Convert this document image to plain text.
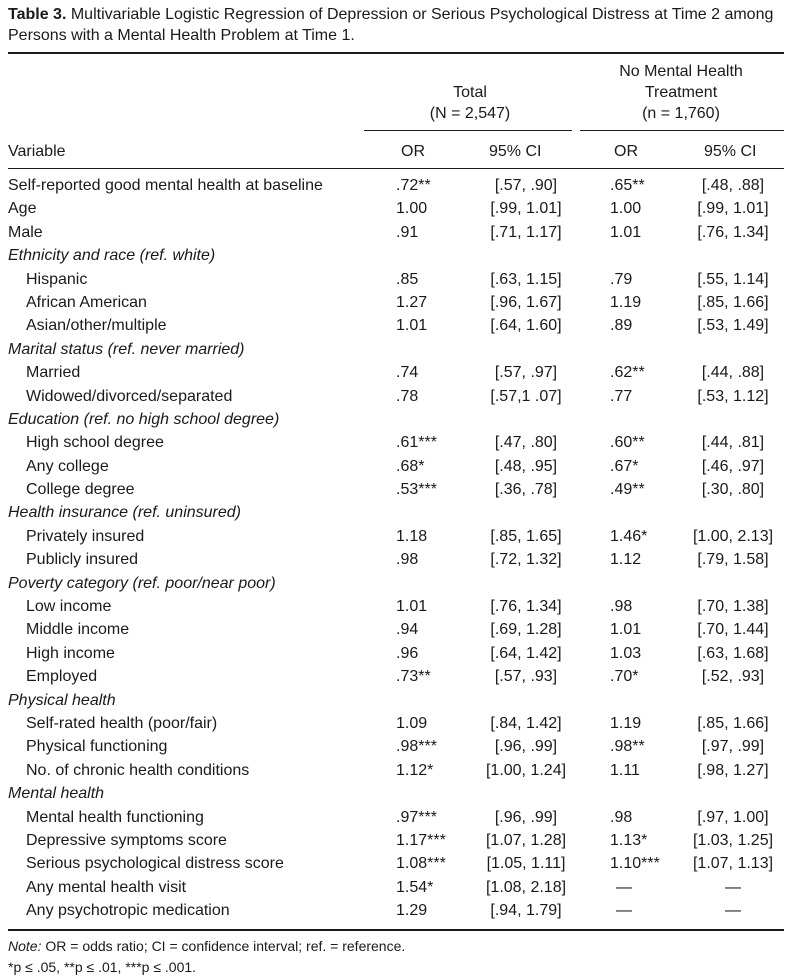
Table 3. Multivariable Logistic Regression of Depression or Serious Psychological Distress at Time 2 among Persons with a Mental Health Problem at Time 1.
Total
(N = 2,547)
No Mental Health
Treatment
(n = 1,760)
Variable	OR	95% CI	OR	95% CI
Self-reported good mental health at baseline	.72**	[.57, .90]	.65**	[.48, .88]
Age	1.00	[.99, 1.01]	1.00	[.99, 1.01]
Male	.91	[.71, 1.17]	1.01	[.76, 1.34]
Ethnicity and race (ref. white)
Hispanic	.85	[.63, 1.15]	.79	[.55, 1.14]
African American	1.27	[.96, 1.67]	1.19	[.85, 1.66]
Asian/other/multiple	1.01	[.64, 1.60]	.89	[.53, 1.49]
Marital status (ref. never married)
Married	.74	[.57, .97]	.62**	[.44, .88]
Widowed/divorced/separated	.78	[.57,1 .07]	.77	[.53, 1.12]
Education (ref. no high school degree)
High school degree	.61***	[.47, .80]	.60**	[.44, .81]
Any college	.68*	[.48, .95]	.67*	[.46, .97]
College degree	.53***	[.36, .78]	.49**	[.30, .80]
Health insurance (ref. uninsured)
Privately insured	1.18	[.85, 1.65]	1.46*	[1.00, 2.13]
Publicly insured	.98	[.72, 1.32]	1.12	[.79, 1.58]
Poverty category (ref. poor/near poor)
Low income	1.01	[.76, 1.34]	.98	[.70, 1.38]
Middle income	.94	[.69, 1.28]	1.01	[.70, 1.44]
High income	.96	[.64, 1.42]	1.03	[.63, 1.68]
Employed	.73**	[.57, .93]	.70*	[.52, .93]
Physical health
Self-rated health (poor/fair)	1.09	[.84, 1.42]	1.19	[.85, 1.66]
Physical functioning	.98***	[.96, .99]	.98**	[.97, .99]
No. of chronic health conditions	1.12*	[1.00, 1.24]	1.11	[.98, 1.27]
Mental health
Mental health functioning	.97***	[.96, .99]	.98	[.97, 1.00]
Depressive symptoms score	1.17***	[1.07, 1.28]	1.13*	[1.03, 1.25]
Serious psychological distress score	1.08***	[1.05, 1.11]	1.10***	[1.07, 1.13]
Any mental health visit	1.54*	[1.08, 2.18]	—	—
Any psychotropic medication	1.29	[.94, 1.79]	—	—
Note: OR = odds ratio; CI = confidence interval; ref. = reference.
*p ≤ .05, **p ≤ .01, ***p ≤ .001.
